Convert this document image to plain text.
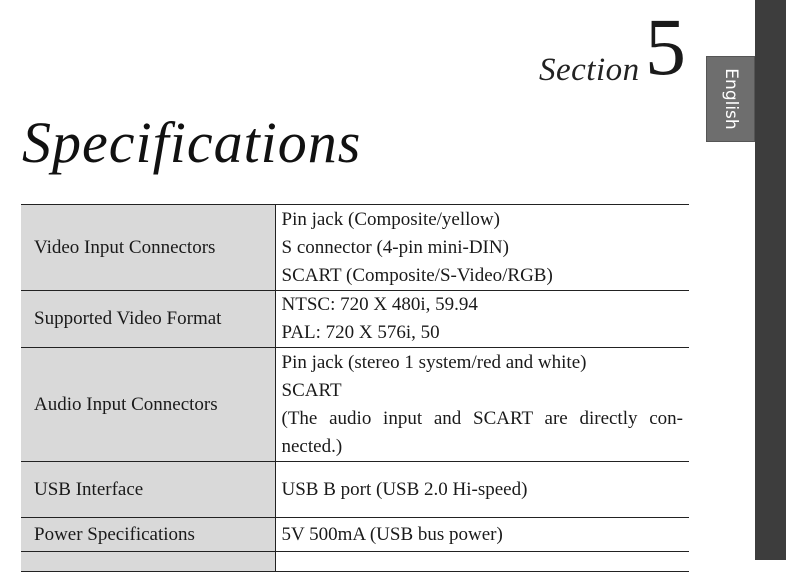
English
Section 5
Specifications
Video Input Connectors	Pin jack (Composite/yellow)
S connector (4-pin mini-DIN)
SCART (Composite/S-Video/RGB)

Supported Video Format	NTSC: 720 X 480i, 59.94
PAL: 720 X 576i, 50

Audio Input Connectors	Pin jack (stereo 1 system/red and white)
SCART
(The audio input and SCART are directly con-
nected.)

USB Interface	USB B port (USB 2.0 Hi-speed)

Power Specifications	5V 500mA (USB bus power)
